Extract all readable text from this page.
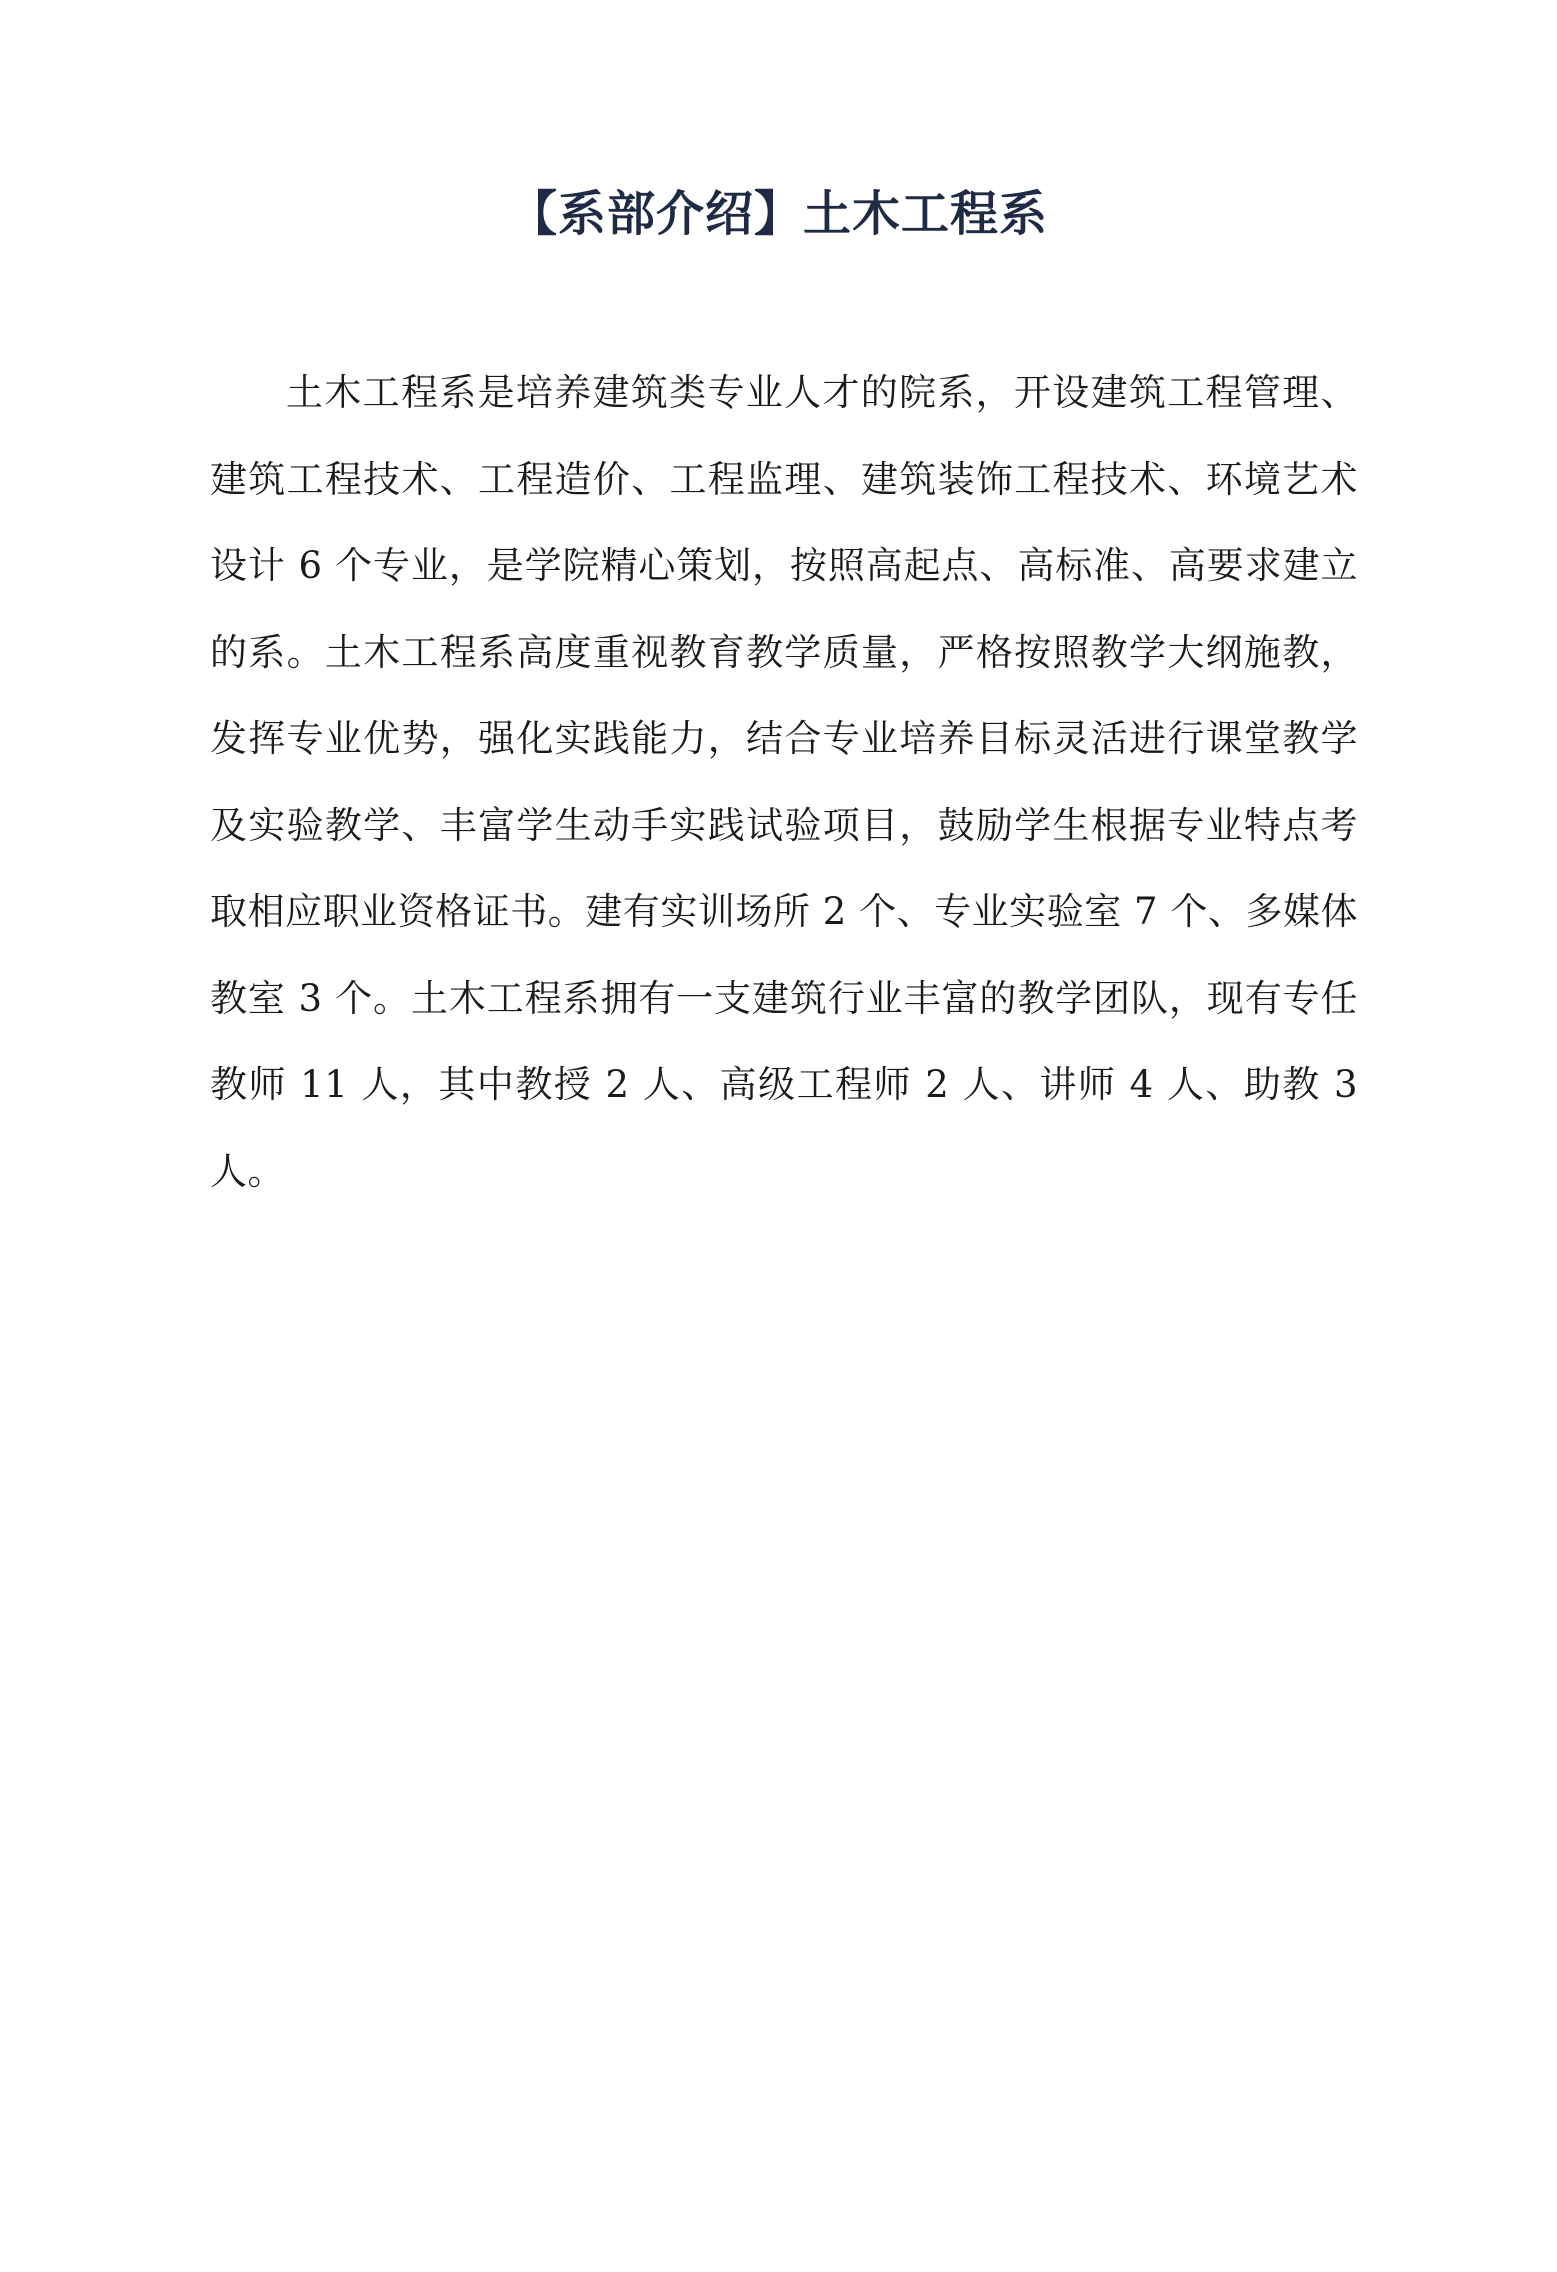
【系部介绍】土木工程系

土木工程系是培养建筑类专业人才的院系，开设建筑工程管理、建筑工程技术、工程造价、工程监理、建筑装饰工程技术、环境艺术设计 6 个专业，是学院精心策划，按照高起点、高标准、高要求建立的系。土木工程系高度重视教育教学质量，严格按照教学大纲施教，发挥专业优势，强化实践能力，结合专业培养目标灵活进行课堂教学及实验教学、丰富学生动手实践试验项目，鼓励学生根据专业特点考取相应职业资格证书。建有实训场所 2 个、专业实验室 7 个、多媒体教室 3 个。土木工程系拥有一支建筑行业丰富的教学团队，现有专任教师 11 人，其中教授 2 人、高级工程师 2 人、讲师 4 人、助教 3 人。
